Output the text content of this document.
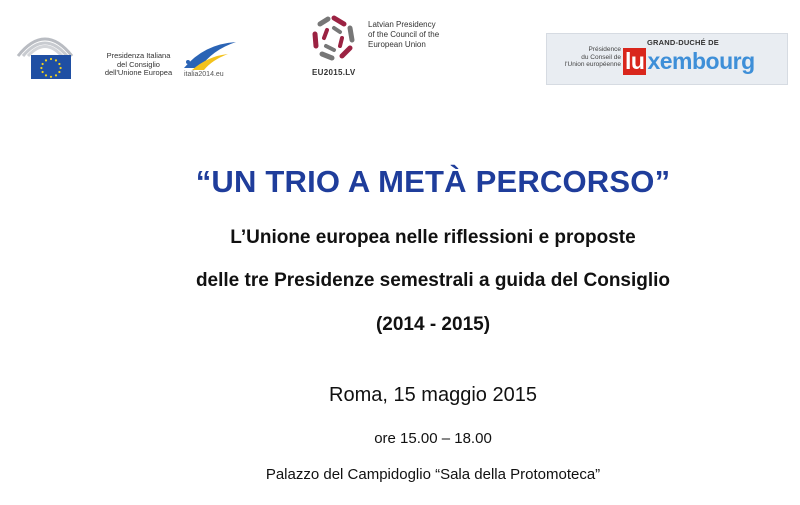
Presidenza Italiana
del Consiglio
dell'Unione Europea	italia2014.eu	EU2015.LV
Latvian Presidency
of the Council of the
European Union	GRAND-DUCHÉ DE
Présidence
du Conseil de
l'Union européenne lu xembourg
“UN TRIO A METÀ PERCORSO”
L’Unione europea nelle riflessioni e proposte
delle tre Presidenze semestrali a guida del Consiglio
(2014 - 2015)
Roma, 15 maggio 2015
ore 15.00 – 18.00
Palazzo del Campidoglio “Sala della Protomoteca”
